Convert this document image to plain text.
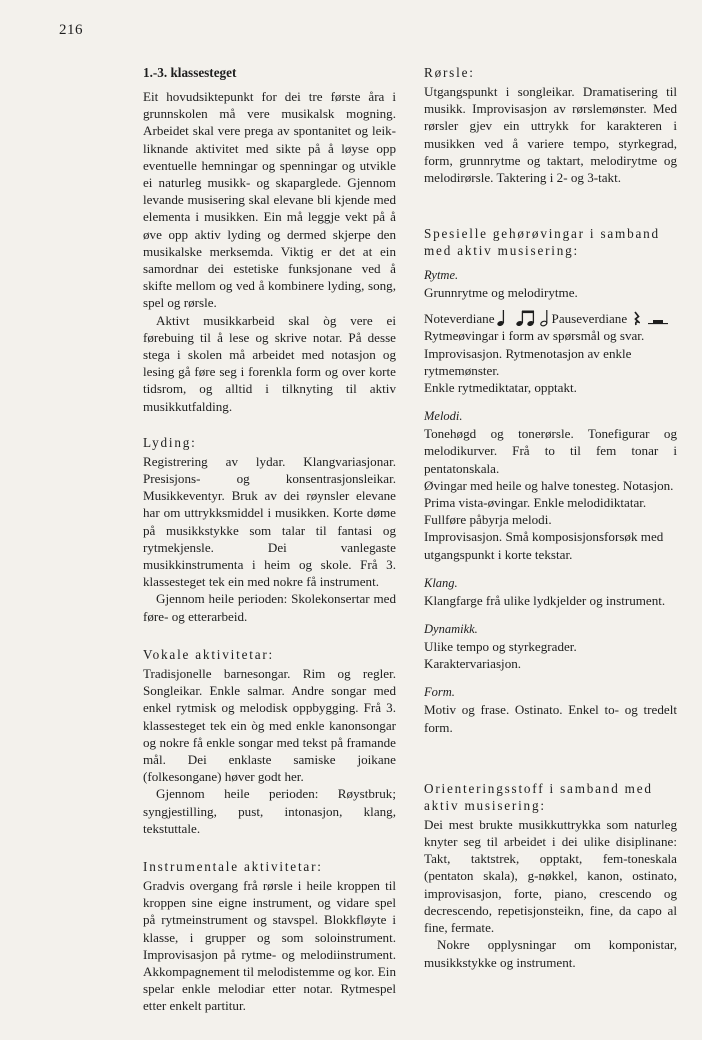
216
1.-3. klassesteget

Eit hovudsiktepunkt for dei tre første åra i grunnskolen må vere musikalsk mogning. Arbeidet skal vere prega av spontanitet og leik-liknande aktivitet med sikte på å løyse opp eventuelle hemningar og spenningar og utvikle ei naturleg musikk- og skaparglede. Gjennom levande musisering skal elevane bli kjende med elementa i musikken. Ein må leggje vekt på å øve opp aktiv lyding og dermed skjerpe den musikalske merksemda. Viktig er det at ein samordnar dei estetiske funksjonane ved å skifte mellom og ved å kombinere lyding, song, spel og rørsle.

Aktivt musikkarbeid skal òg vere ei førebuing til å lese og skrive notar. På desse stega i skolen må arbeidet med notasjon og lesing gå føre seg i forenkla form og over korte tidsrom, og alltid i tilknyting til aktiv musikkutfalding.

Lyding:

Registrering av lydar. Klangvariasjonar. Presisjons- og konsentrasjonsleikar. Musikkeventyr. Bruk av dei røynsler elevane har om uttrykksmiddel i musikken. Korte døme på musikkstykke som talar til fantasi og rytmekjensle. Dei vanlegaste musikkinstrumenta i heim og skole. Frå 3. klassesteget tek ein med nokre få instrument.

Gjennom heile perioden: Skolekonsertar med føre- og etterarbeid.

Vokale aktivitetar:

Tradisjonelle barnesongar. Rim og regler. Songleikar. Enkle salmar. Andre songar med enkel rytmisk og melodisk oppbygging. Frå 3. klassesteget tek ein òg med enkle kanonsongar og nokre få enkle songar med tekst på framande mål. Dei enklaste samiske joikane (folkesongane) høver godt her.

Gjennom heile perioden: Røystbruk; syngjestilling, pust, intonasjon, klang, tekstuttale.

Instrumentale aktivitetar:

Gradvis overgang frå rørsle i heile kroppen til kroppen sine eigne instrument, og vidare spel på rytmeinstrument og stavspel. Blokkfløyte i klasse, i grupper og som soloinstrument. Improvisasjon på rytme- og melodiinstrument. Akkompagnement til melodistemme og kor. Ein spelar enkle melodiar etter notar. Rytmespel etter enkelt partitur.

Rørsle:

Utgangspunkt i songleikar. Dramatisering til musikk. Improvisasjon av rørslemønster. Med rørsler gjev ein uttrykk for karakteren i musikken ved å variere tempo, styrkegrad, form, grunnrytme og taktart, melodirytme og melodirørsle. Taktering i 2- og 3-takt.

Spesielle gehørøvingar i samband med aktiv musisering:
Rytme.

Grunnrytme og melodirytme.

Noteverdiane	Pauseverdiane

Rytmeøvingar i form av spørsmål og svar.

Improvisasjon. Rytmenotasjon av enkle rytmemønster.

Enkle rytmediktatar, opptakt.

Melodi.

Tonehøgd og tonerørsle. Tonefigurar og melodikurver. Frå to til fem tonar i pentatonskala.

Øvingar med heile og halve tonesteg. Notasjon.

Prima vista-øvingar. Enkle melodidiktatar.

Fullføre påbyrja melodi.

Improvisasjon. Små komposisjonsforsøk med utgangspunkt i korte tekstar.

Klang.

Klangfarge frå ulike lydkjelder og instrument.

Dynamikk.

Ulike tempo og styrkegrader.

Karaktervariasjon.

Form.

Motiv og frase. Ostinato. Enkel to- og tredelt form.

Orienteringsstoff i samband med aktiv musisering:

Dei mest brukte musikkuttrykka som naturleg knyter seg til arbeidet i dei ulike disiplinane: Takt, taktstrek, opptakt, fem-toneskala (pentaton skala), g-nøkkel, kanon, ostinato, improvisasjon, forte, piano, crescendo og decrescendo, repetisjonsteikn, fine, da capo al fine, fermate.

Nokre opplysningar om komponistar, musikkstykke og instrument.
